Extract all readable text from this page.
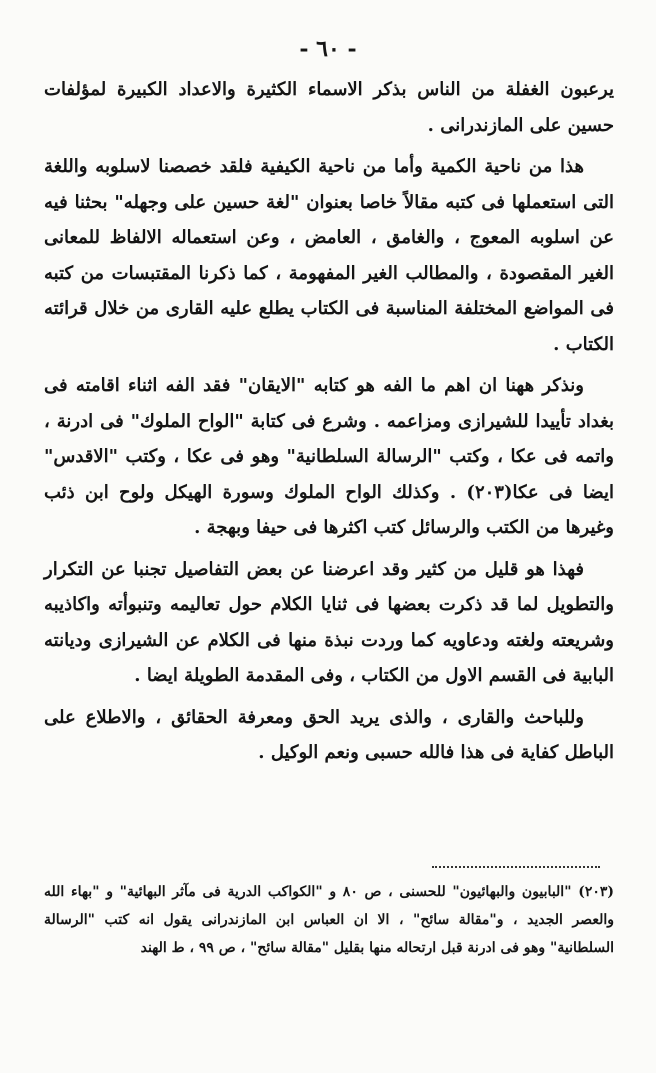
- ٦٠ -

يرعبون الغفلة من الناس بذكر الاسماء الكثيرة والاعداد الكبيرة لمؤلفات حسين على المازندرانى .

هذا من ناحية الكمية وأما من ناحية الكيفية فلقد خصصنا لاسلوبه واللغة التى استعملها فى كتبه مقالاً خاصا بعنوان "لغة حسين على وجهله" بحثنا فيه عن اسلوبه المعوج ، والغامق ، العامض ، وعن استعماله الالفاظ للمعانى الغير المقصودة ، والمطالب الغير المفهومة ، كما ذكرنا المقتبسات من كتبه فى المواضع المختلفة المناسبة فى الكتاب يطلع عليه القارى من خلال قرائته الكتاب .

ونذكر ههنا ان اهم ما الفه هو كتابه "الايقان" فقد الفه اثناء اقامته فى بغداد تأييدا للشيرازى ومزاعمه . وشرع فى كتابة "الواح الملوك" فى ادرنة ، واتمه فى عكا ، وكتب "الرسالة السلطانية" وهو فى عكا ، وكتب "الاقدس" ايضا فى عكا(٢٠٣) . وكذلك الواح الملوك وسورة الهيكل ولوح ابن ذئب وغيرها من الكتب والرسائل كتب اكثرها فى حيفا وبهجة .

فهذا هو قليل من كثير وقد اعرضنا عن بعض التفاصيل تجنبا عن التكرار والتطويل لما قد ذكرت بعضها فى ثنايا الكلام حول تعاليمه وتنبوأته واكاذيبه وشريعته ولغته ودعاويه كما وردت نبذة منها فى الكلام عن الشيرازى وديانته البابية فى القسم الاول من الكتاب ، وفى المقدمة الطويلة ايضا .

وللباحث والقارى ، والذى يريد الحق ومعرفة الحقائق ، والاطلاع على الباطل كفاية فى هذا فالله حسبى ونعم الوكيل .

(٢٠٣) "البابيون والبهائيون" للحسنى ، ص ٨٠ و "الكواكب الدرية فى مآثر البهائية" و "بهاء الله والعصر الجديد ، و"مقالة سائح" ، الا ان العباس ابن المازندرانى يقول انه كتب "الرسالة السلطانية" وهو فى ادرنة قبل ارتحاله منها بقليل "مقالة سائح" ، ص ٩٩ ، ط الهند
